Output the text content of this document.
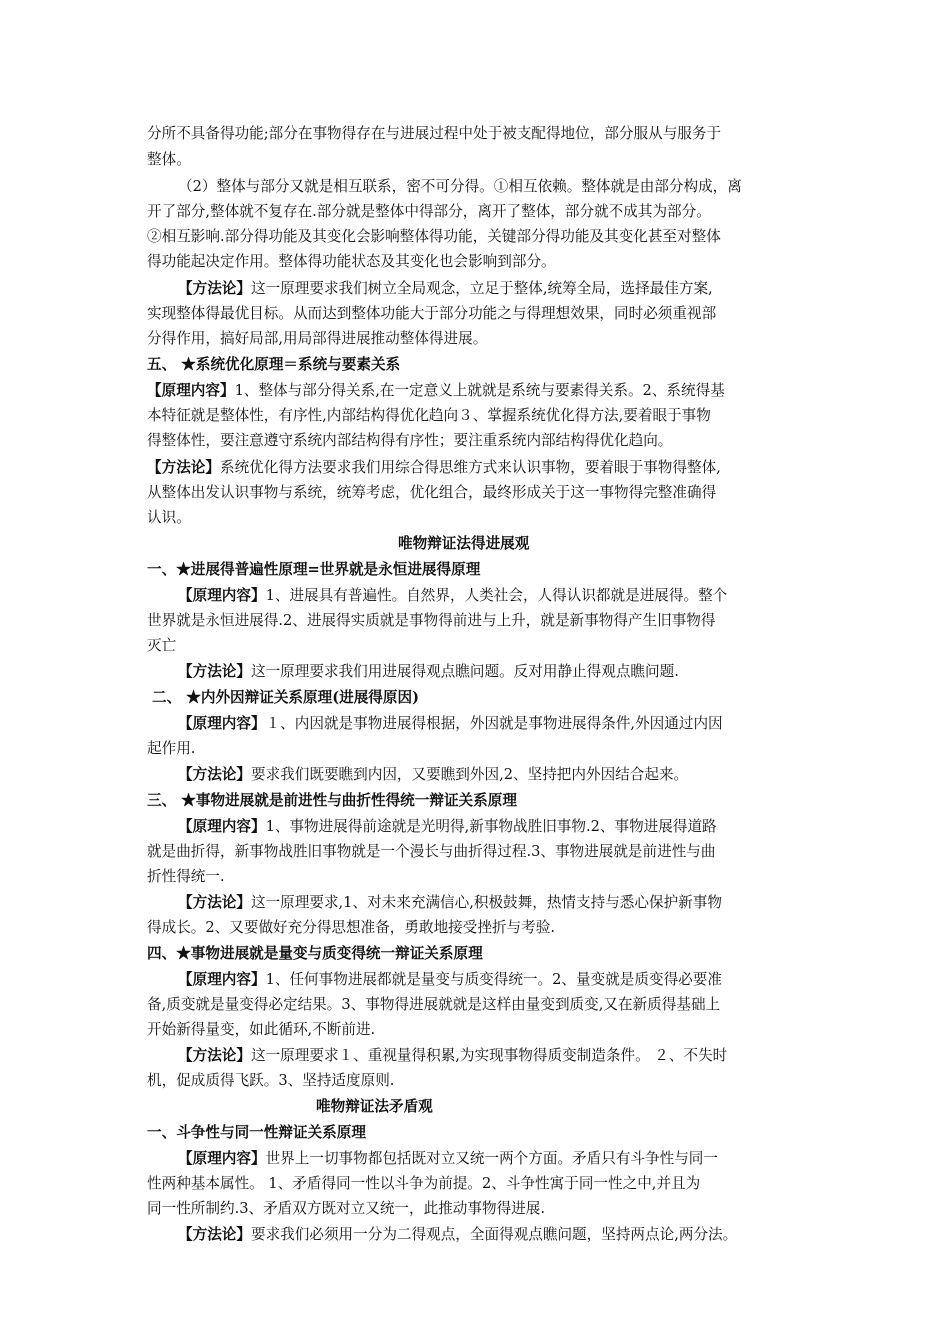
分所不具备得功能;部分在事物得存在与进展过程中处于被支配得地位，部分服从与服务于

整体。

（2）整体与部分又就是相互联系，密不可分得。①相互依赖。整体就是由部分构成，离

开了部分,整体就不复存在.部分就是整体中得部分，离开了整体，部分就不成其为部分。

②相互影响.部分得功能及其变化会影响整体得功能，关键部分得功能及其变化甚至对整体

得功能起决定作用。整体得功能状态及其变化也会影响到部分。

【方法论】这一原理要求我们树立全局观念，立足于整体,统筹全局，选择最佳方案,

实现整体得最优目标。从而达到整体功能大于部分功能之与得理想效果，同时必须重视部

分得作用，搞好局部,用局部得进展推动整体得进展。

五、 ★系统优化原理＝系统与要素关系

【原理内容】1、整体与部分得关系,在一定意义上就就是系统与要素得关系。2、系统得基

本特征就是整体性，有序性,内部结构得优化趋向３、掌握系统优化得方法,要着眼于事物

得整体性，要注意遵守系统内部结构得有序性；要注重系统内部结构得优化趋向。

【方法论】系统优化得方法要求我们用综合得思维方式来认识事物，要着眼于事物得整体,

从整体出发认识事物与系统，统筹考虑，优化组合，最终形成关于这一事物得完整准确得

认识。

唯物辩证法得进展观

一、★进展得普遍性原理=世界就是永恒进展得原理

【原理内容】1、进展具有普遍性。自然界，人类社会，人得认识都就是进展得。整个

世界就是永恒进展得.2、进展得实质就是事物得前进与上升，就是新事物得产生旧事物得

灭亡

【方法论】这一原理要求我们用进展得观点瞧问题。反对用静止得观点瞧问题.

二、 ★内外因辩证关系原理(进展得原因)

【原理内容】１、内因就是事物进展得根据，外因就是事物进展得条件,外因通过内因

起作用.

【方法论】要求我们既要瞧到内因，又要瞧到外因,2、坚持把内外因结合起来。

三、 ★事物进展就是前进性与曲折性得统一辩证关系原理

【原理内容】1、事物进展得前途就是光明得,新事物战胜旧事物.2、事物进展得道路

就是曲折得，新事物战胜旧事物就是一个漫长与曲折得过程.3、事物进展就是前进性与曲

折性得统一.

【方法论】这一原理要求,1、对未来充满信心,积极鼓舞，热情支持与悉心保护新事物

得成长。2、又要做好充分得思想准备，勇敢地接受挫折与考验.

四、★事物进展就是量变与质变得统一辩证关系原理

【原理内容】1、任何事物进展都就是量变与质变得统一。2、量变就是质变得必要准

备,质变就是量变得必定结果。3、事物得进展就就是这样由量变到质变,又在新质得基础上

开始新得量变，如此循环,不断前进.

【方法论】这一原理要求１、重视量得积累,为实现事物得质变制造条件。 ２、不失时

机，促成质得飞跃。3、坚持适度原则.

唯物辩证法矛盾观

一、斗争性与同一性辩证关系原理

【原理内容】世界上一切事物都包括既对立又统一两个方面。矛盾只有斗争性与同一

性两种基本属性。 1、矛盾得同一性以斗争为前提。2、斗争性寓于同一性之中,并且为

同一性所制约.3、矛盾双方既对立又统一，此推动事物得进展.

【方法论】要求我们必须用一分为二得观点，全面得观点瞧问题，坚持两点论,两分法。
